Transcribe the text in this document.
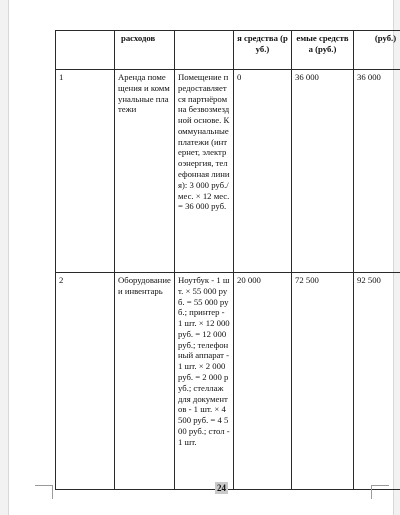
	расходов		я средства (руб.)	емые средства (руб.)	(руб.)
1	Аренда помещения и коммунальные платежи	Помещение предоставляется партнёром на безвозмездной основе. Коммунальные платежи (интернет, электроэнергия, телефонная линия): 3 000 руб./мес. × 12 мес. = 36 000 руб.	0	36 000	36 000
2	Оборудование и инвентарь	Ноутбук - 1 шт. × 55 000 руб. = 55 000 руб.; принтер - 1 шт. × 12 000 руб. = 12 000 руб.; телефонный аппарат - 1 шт. × 2 000 руб. = 2 000 руб.; стеллаж для документов - 1 шт. × 4 500 руб. = 4 500 руб.; стол - 1 шт.	20 000	72 500	92 500
24
